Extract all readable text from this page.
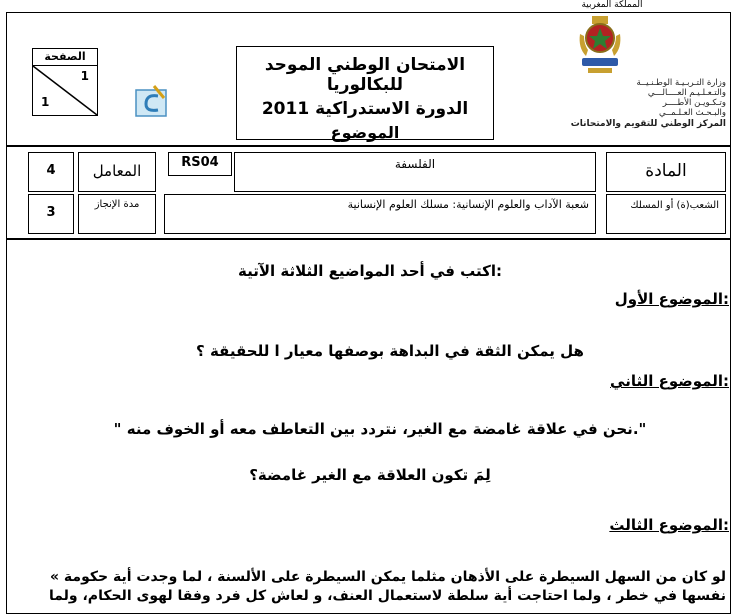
المملكة المغربية
وزارة التـربـيـة الوطـنـيــة
والتـعـلـيـم العــــالـــي
وتـكـويـن الأطــــر
والبـحـث العـلـمــي
المركز الوطني للتقويم والامتحانات
الامتحان الوطني الموحد للبكالوريا
الدورة الاستدراكية 2011
الموضوع
الصفحة
1
1
المادة
الفلسفة
RS04
المعامل
4
الشعب(ة) أو المسلك
شعبة الآداب والعلوم الإنسانية: مسلك العلوم الإنسانية
مدة الإنجاز
3
اكتب في أحد المواضيع الثلاثة الآتية:
الموضوع الأول:
هل يمكن الثقة في البداهة بوصفها معيار ا للحقيقة ؟
الموضوع الثاني:
" نحن في علاقة غامضة مع الغير، نتردد بين التعاطف معه أو الخوف منه."
لِمَ تكون العلاقة مع الغير غامضة؟
الموضوع الثالث:
« لو كان من السهل السيطرة على الأذهان مثلما يمكن السيطرة على الألسنة ، لما وجدت أية حكومة
نفسها في خطر ، ولما احتاجت أية سلطة لاستعمال العنف، و لعاش كل فرد وفقا لهوى الحكام، ولما
